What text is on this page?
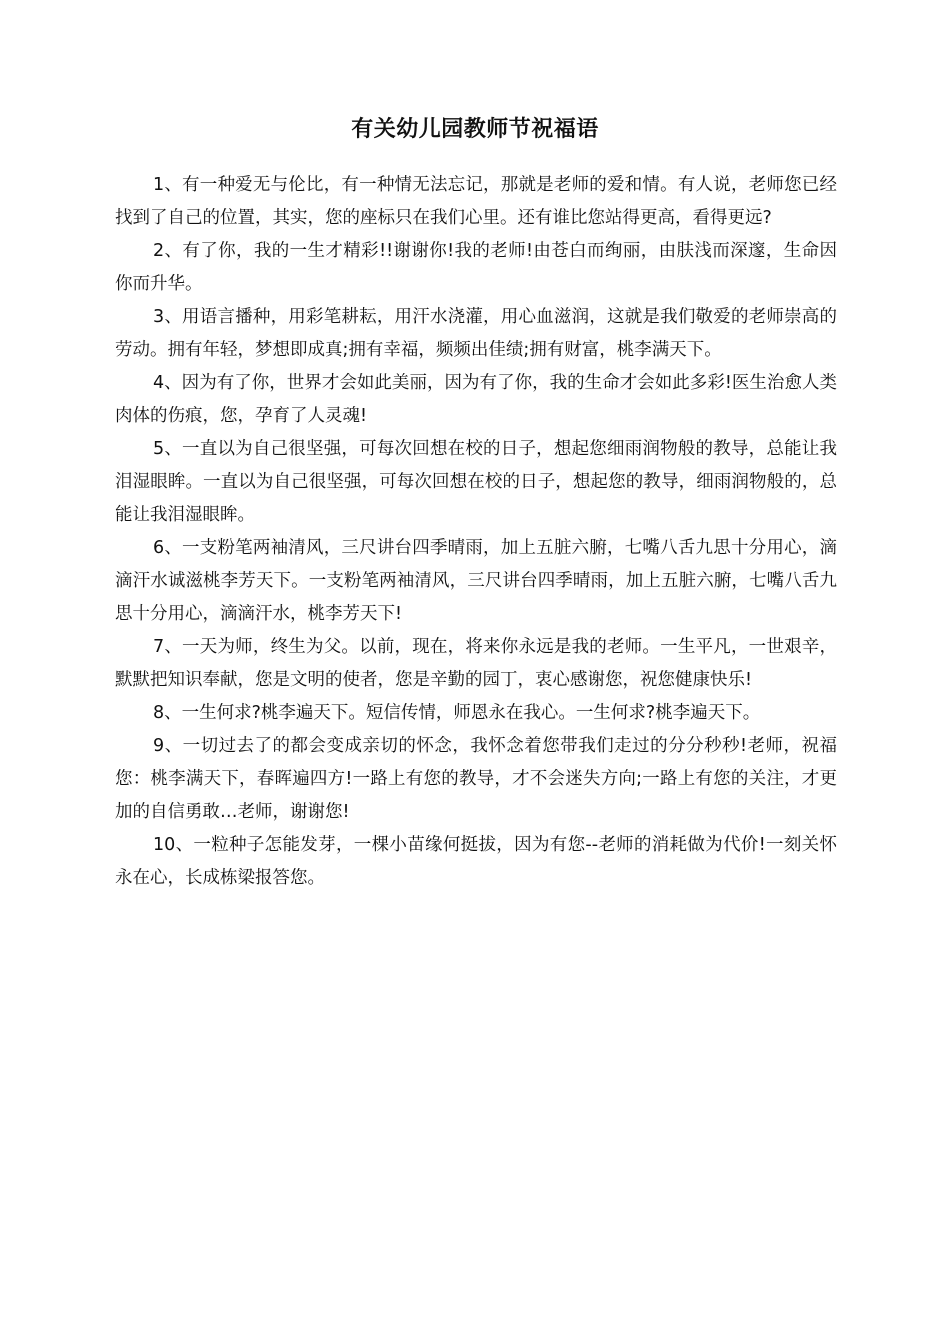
有关幼儿园教师节祝福语

1、有一种爱无与伦比，有一种情无法忘记，那就是老师的爱和情。有人说，老师您已经找到了自己的位置，其实，您的座标只在我们心里。还有谁比您站得更高，看得更远?

2、有了你，我的一生才精彩!!谢谢你!我的老师!由苍白而绚丽，由肤浅而深邃，生命因你而升华。

3、用语言播种，用彩笔耕耘，用汗水浇灌，用心血滋润，这就是我们敬爱的老师崇高的劳动。拥有年轻，梦想即成真;拥有幸福，频频出佳绩;拥有财富，桃李满天下。

4、因为有了你，世界才会如此美丽，因为有了你，我的生命才会如此多彩!医生治愈人类肉体的伤痕，您，孕育了人灵魂!

5、一直以为自己很坚强，可每次回想在校的日子，想起您细雨润物般的教导，总能让我泪湿眼眸。一直以为自己很坚强，可每次回想在校的日子，想起您的教导，细雨润物般的，总能让我泪湿眼眸。

6、一支粉笔两袖清风，三尺讲台四季晴雨，加上五脏六腑，七嘴八舌九思十分用心，滴滴汗水诚滋桃李芳天下。一支粉笔两袖清风，三尺讲台四季晴雨，加上五脏六腑，七嘴八舌九思十分用心，滴滴汗水，桃李芳天下!

7、一天为师，终生为父。以前，现在，将来你永远是我的老师。一生平凡，一世艰辛，默默把知识奉献，您是文明的使者，您是辛勤的园丁，衷心感谢您，祝您健康快乐!

8、一生何求?桃李遍天下。短信传情，师恩永在我心。一生何求?桃李遍天下。

9、一切过去了的都会变成亲切的怀念，我怀念着您带我们走过的分分秒秒!老师，祝福您：桃李满天下，春晖遍四方!一路上有您的教导，才不会迷失方向;一路上有您的关注，才更加的自信勇敢…老师，谢谢您!

10、一粒种子怎能发芽，一棵小苗缘何挺拔，因为有您--老师的消耗做为代价!一刻关怀永在心，长成栋梁报答您。
